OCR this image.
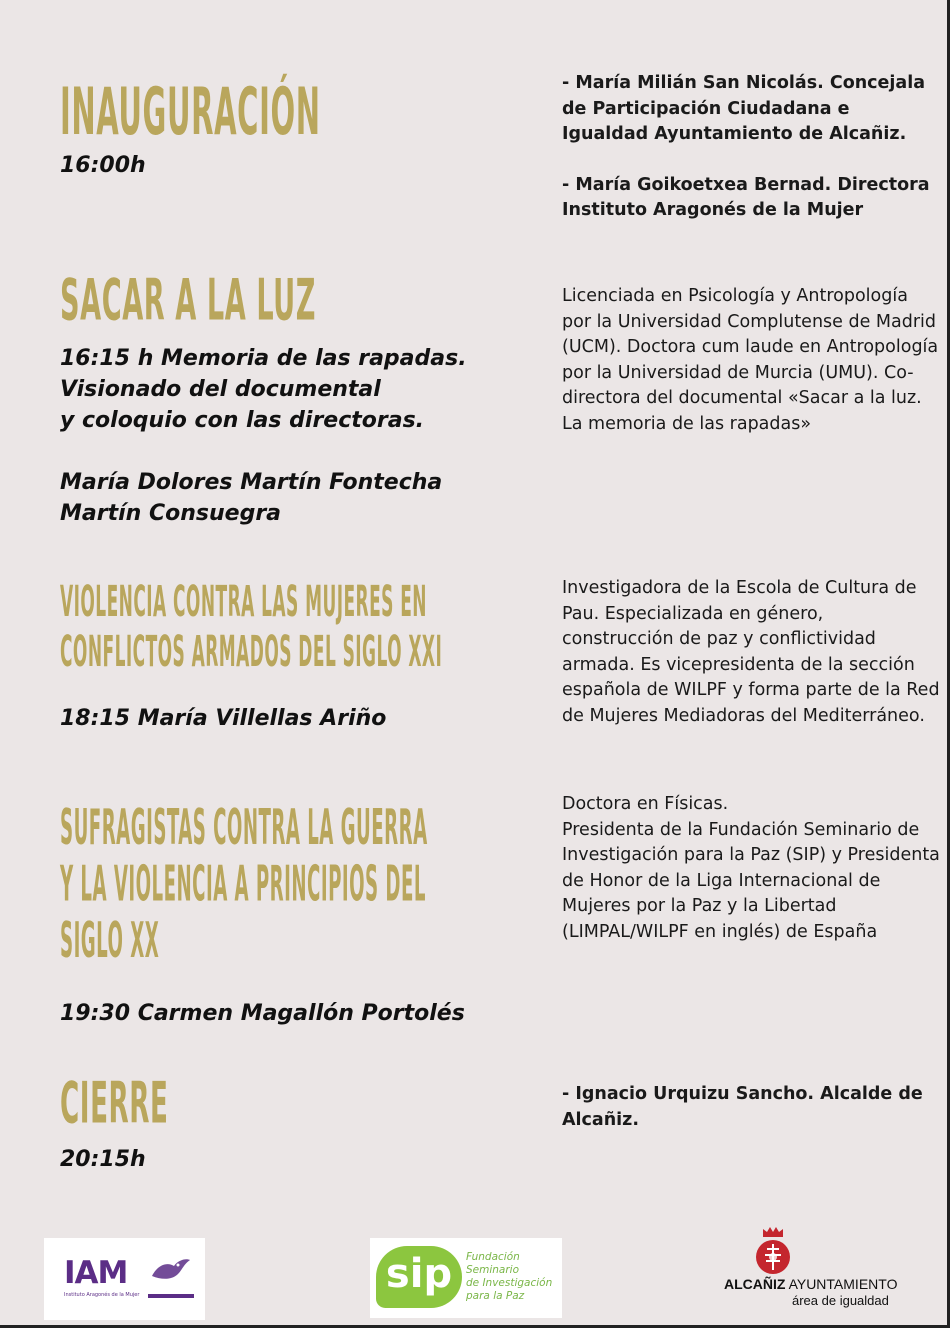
INAUGURACIÓN
16:00h

- María Milián San Nicolás. Concejala de Participación Ciudadana e Igualdad Ayuntamiento de Alcañiz.

- María Goikoetxea Bernad. Directora Instituto Aragonés de la Mujer

SACAR A LA LUZ
16:15 h Memoria de las rapadas.
Visionado del documental
y coloquio con las directoras.
María Dolores Martín Fontecha
Martín Consuegra

Licenciada en Psicología y Antropología por la Universidad Complutense de Madrid (UCM). Doctora cum laude en Antropología por la Universidad de Murcia (UMU). Co-directora del documental «Sacar a la luz. La memoria de las rapadas»

VIOLENCIA CONTRA LAS MUJERES EN
CONFLICTOS ARMADOS DEL SIGLO XXI
18:15 María Villellas Ariño

Investigadora de la Escola de Cultura de Pau. Especializada en género, construcción de paz y conflictividad armada. Es vicepresidenta de la sección española de WILPF y forma parte de la Red de Mujeres Mediadoras del Mediterráneo.

SUFRAGISTAS CONTRA LA GUERRA
Y LA VIOLENCIA A PRINCIPIOS DEL
SIGLO XX
19:30 Carmen Magallón Portolés

Doctora en Físicas.

Presidenta de la Fundación Seminario de Investigación para la Paz (SIP) y Presidenta de Honor de la Liga Internacional de Mujeres por la Paz y la Libertad (LIMPAL/WILPF en inglés) de España

CIERRE
20:15h

- Ignacio Urquizu Sancho. Alcalde de Alcañiz.

IAM
Instituto Aragonés de la Mujer	sip Fundación
Seminario
de Investigación
para la Paz
ALCAÑIZ AYUNTAMIENTO
área de igualdad
